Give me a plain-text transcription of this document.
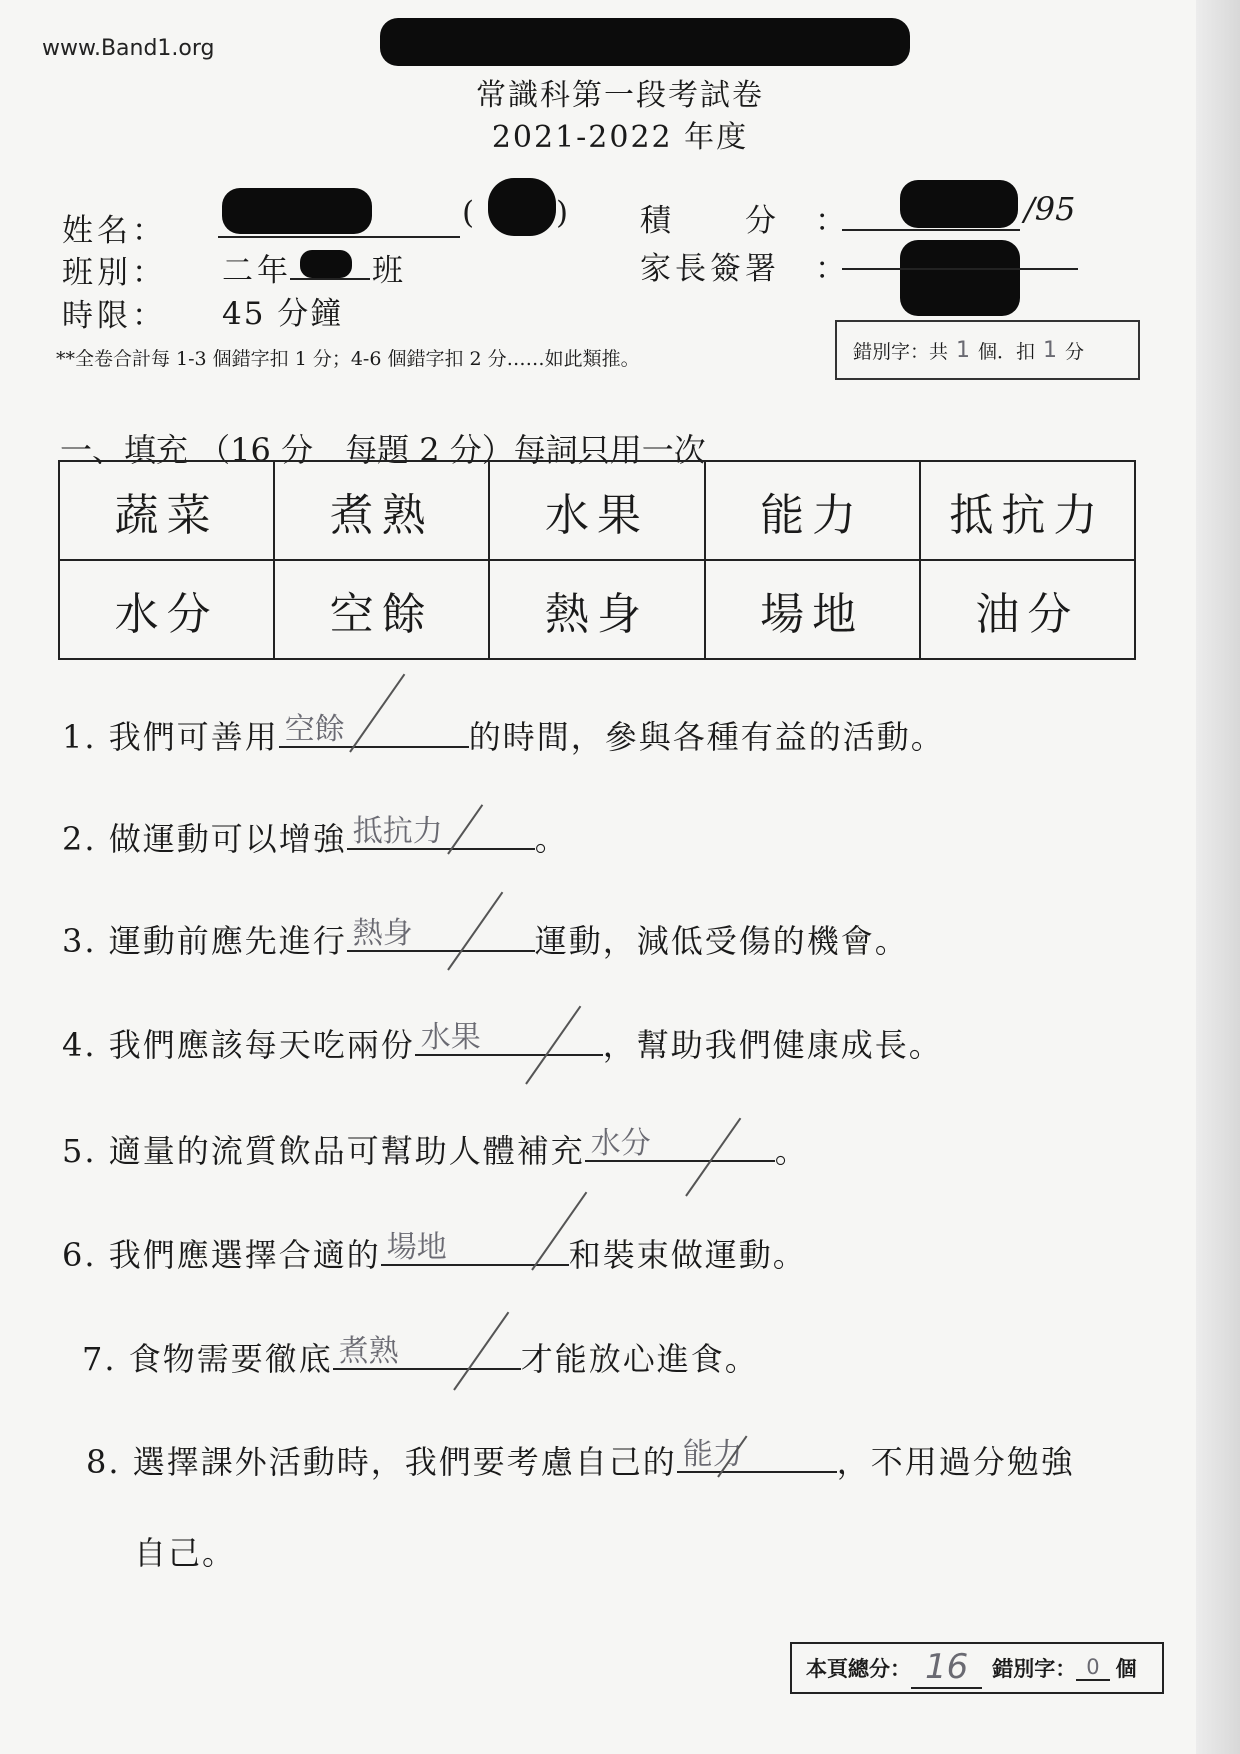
www.Band1.org
常識科第一段考試卷
2021-2022 年度
姓名：	(	)
班別： 二年	班
時限： 45 分鐘
積　　分　：	/95
家長簽署　：
**全卷合計每 1-3 個錯字扣 1 分；4-6 個錯字扣 2 分……如此類推。	錯別字：共 1 個．扣 1 分
一、填充 （16 分　每題 2 分）每詞只用一次
蔬菜	煮熟	水果	能力	抵抗力
水分	空餘	熱身	場地	油分
1. 我們可善用 空餘	的時間，參與各種有益的活動。
2. 做運動可以增強 抵抗力	。
3. 運動前應先進行 熱身	運動，減低受傷的機會。
4. 我們應該每天吃兩份 水果	，幫助我們健康成長。
5. 適量的流質飲品可幫助人體補充 水分	。
6. 我們應選擇合適的 場地	和裝束做運動。
7. 食物需要徹底 煮熟	才能放心進食。
8. 選擇課外活動時，我們要考慮自己的 能力	，不用過分勉強
自己。
本頁總分： 16	錯別字： 0 個
